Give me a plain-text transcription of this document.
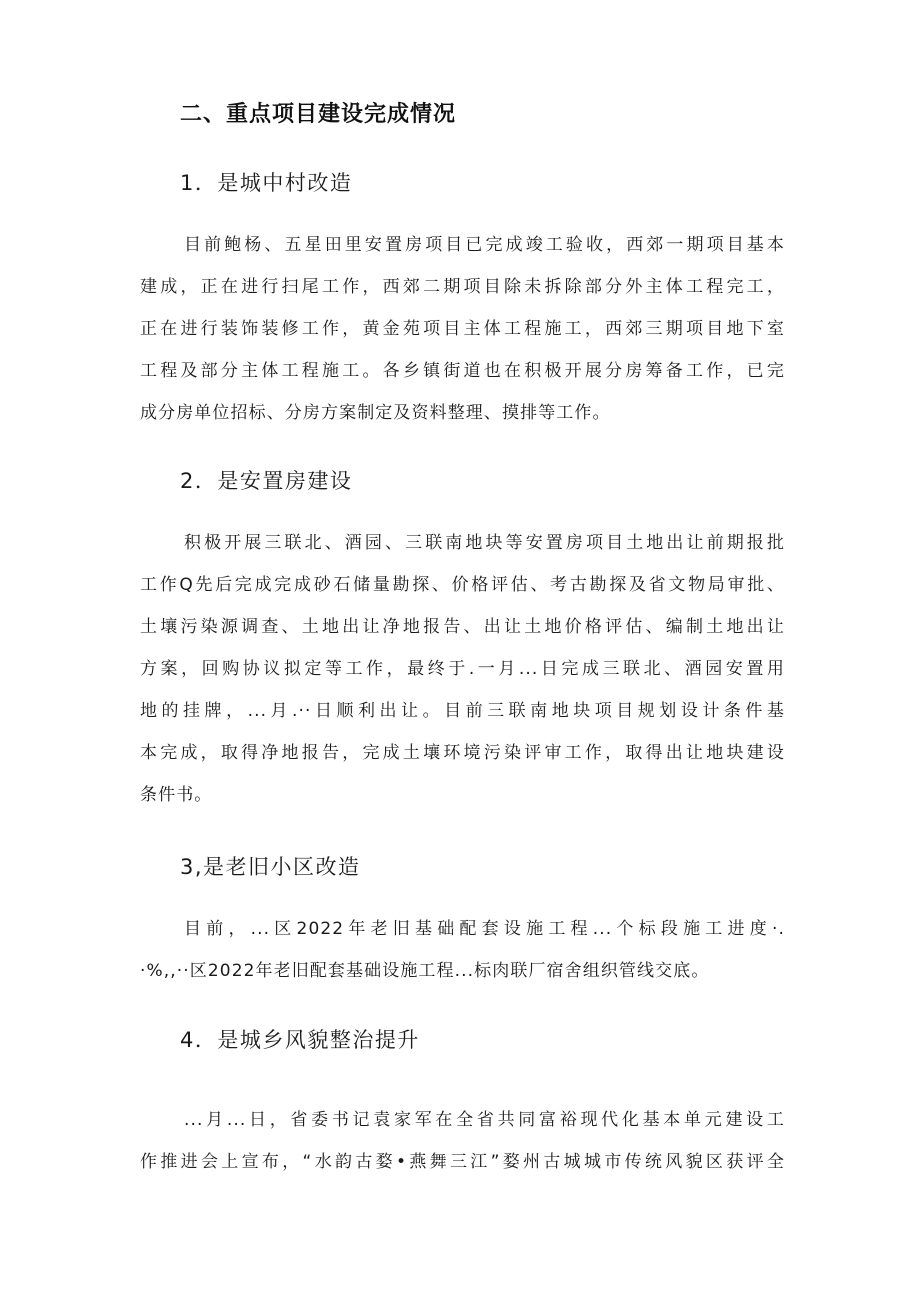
二、重点项目建设完成情况
1．是城中村改造
目前鲍杨、五星田里安置房项目已完成竣工验收，西郊一期项目基本
建成，正在进行扫尾工作，西郊二期项目除未拆除部分外主体工程完工，
正在进行装饰装修工作，黄金苑项目主体工程施工，西郊三期项目地下室
工程及部分主体工程施工。各乡镇街道也在积极开展分房筹备工作，已完
成分房单位招标、分房方案制定及资料整理、摸排等工作。
2．是安置房建设
积极开展三联北、酒园、三联南地块等安置房项目土地出让前期报批
工作Q先后完成完成砂石储量勘探、价格评估、考古勘探及省文物局审批、
土壤污染源调查、土地出让净地报告、出让土地价格评估、编制土地出让
方案，回购协议拟定等工作，最终于.一月...日完成三联北、酒园安置用
地的挂牌，...月.··日顺利出让。目前三联南地块项目规划设计条件基
本完成，取得净地报告，完成土壤环境污染评审工作，取得出让地块建设
条件书。
3,是老旧小区改造
目前，...区2022年老旧基础配套设施工程...个标段施工进度·.
·%,,··区2022年老旧配套基础设施工程...标肉联厂宿舍组织管线交底。
4．是城乡风貌整治提升
...月...日，省委书记袁家军在全省共同富裕现代化基本单元建设工
作推进会上宣布，“水韵古婺•燕舞三江”婺州古城城市传统风貌区获评全
